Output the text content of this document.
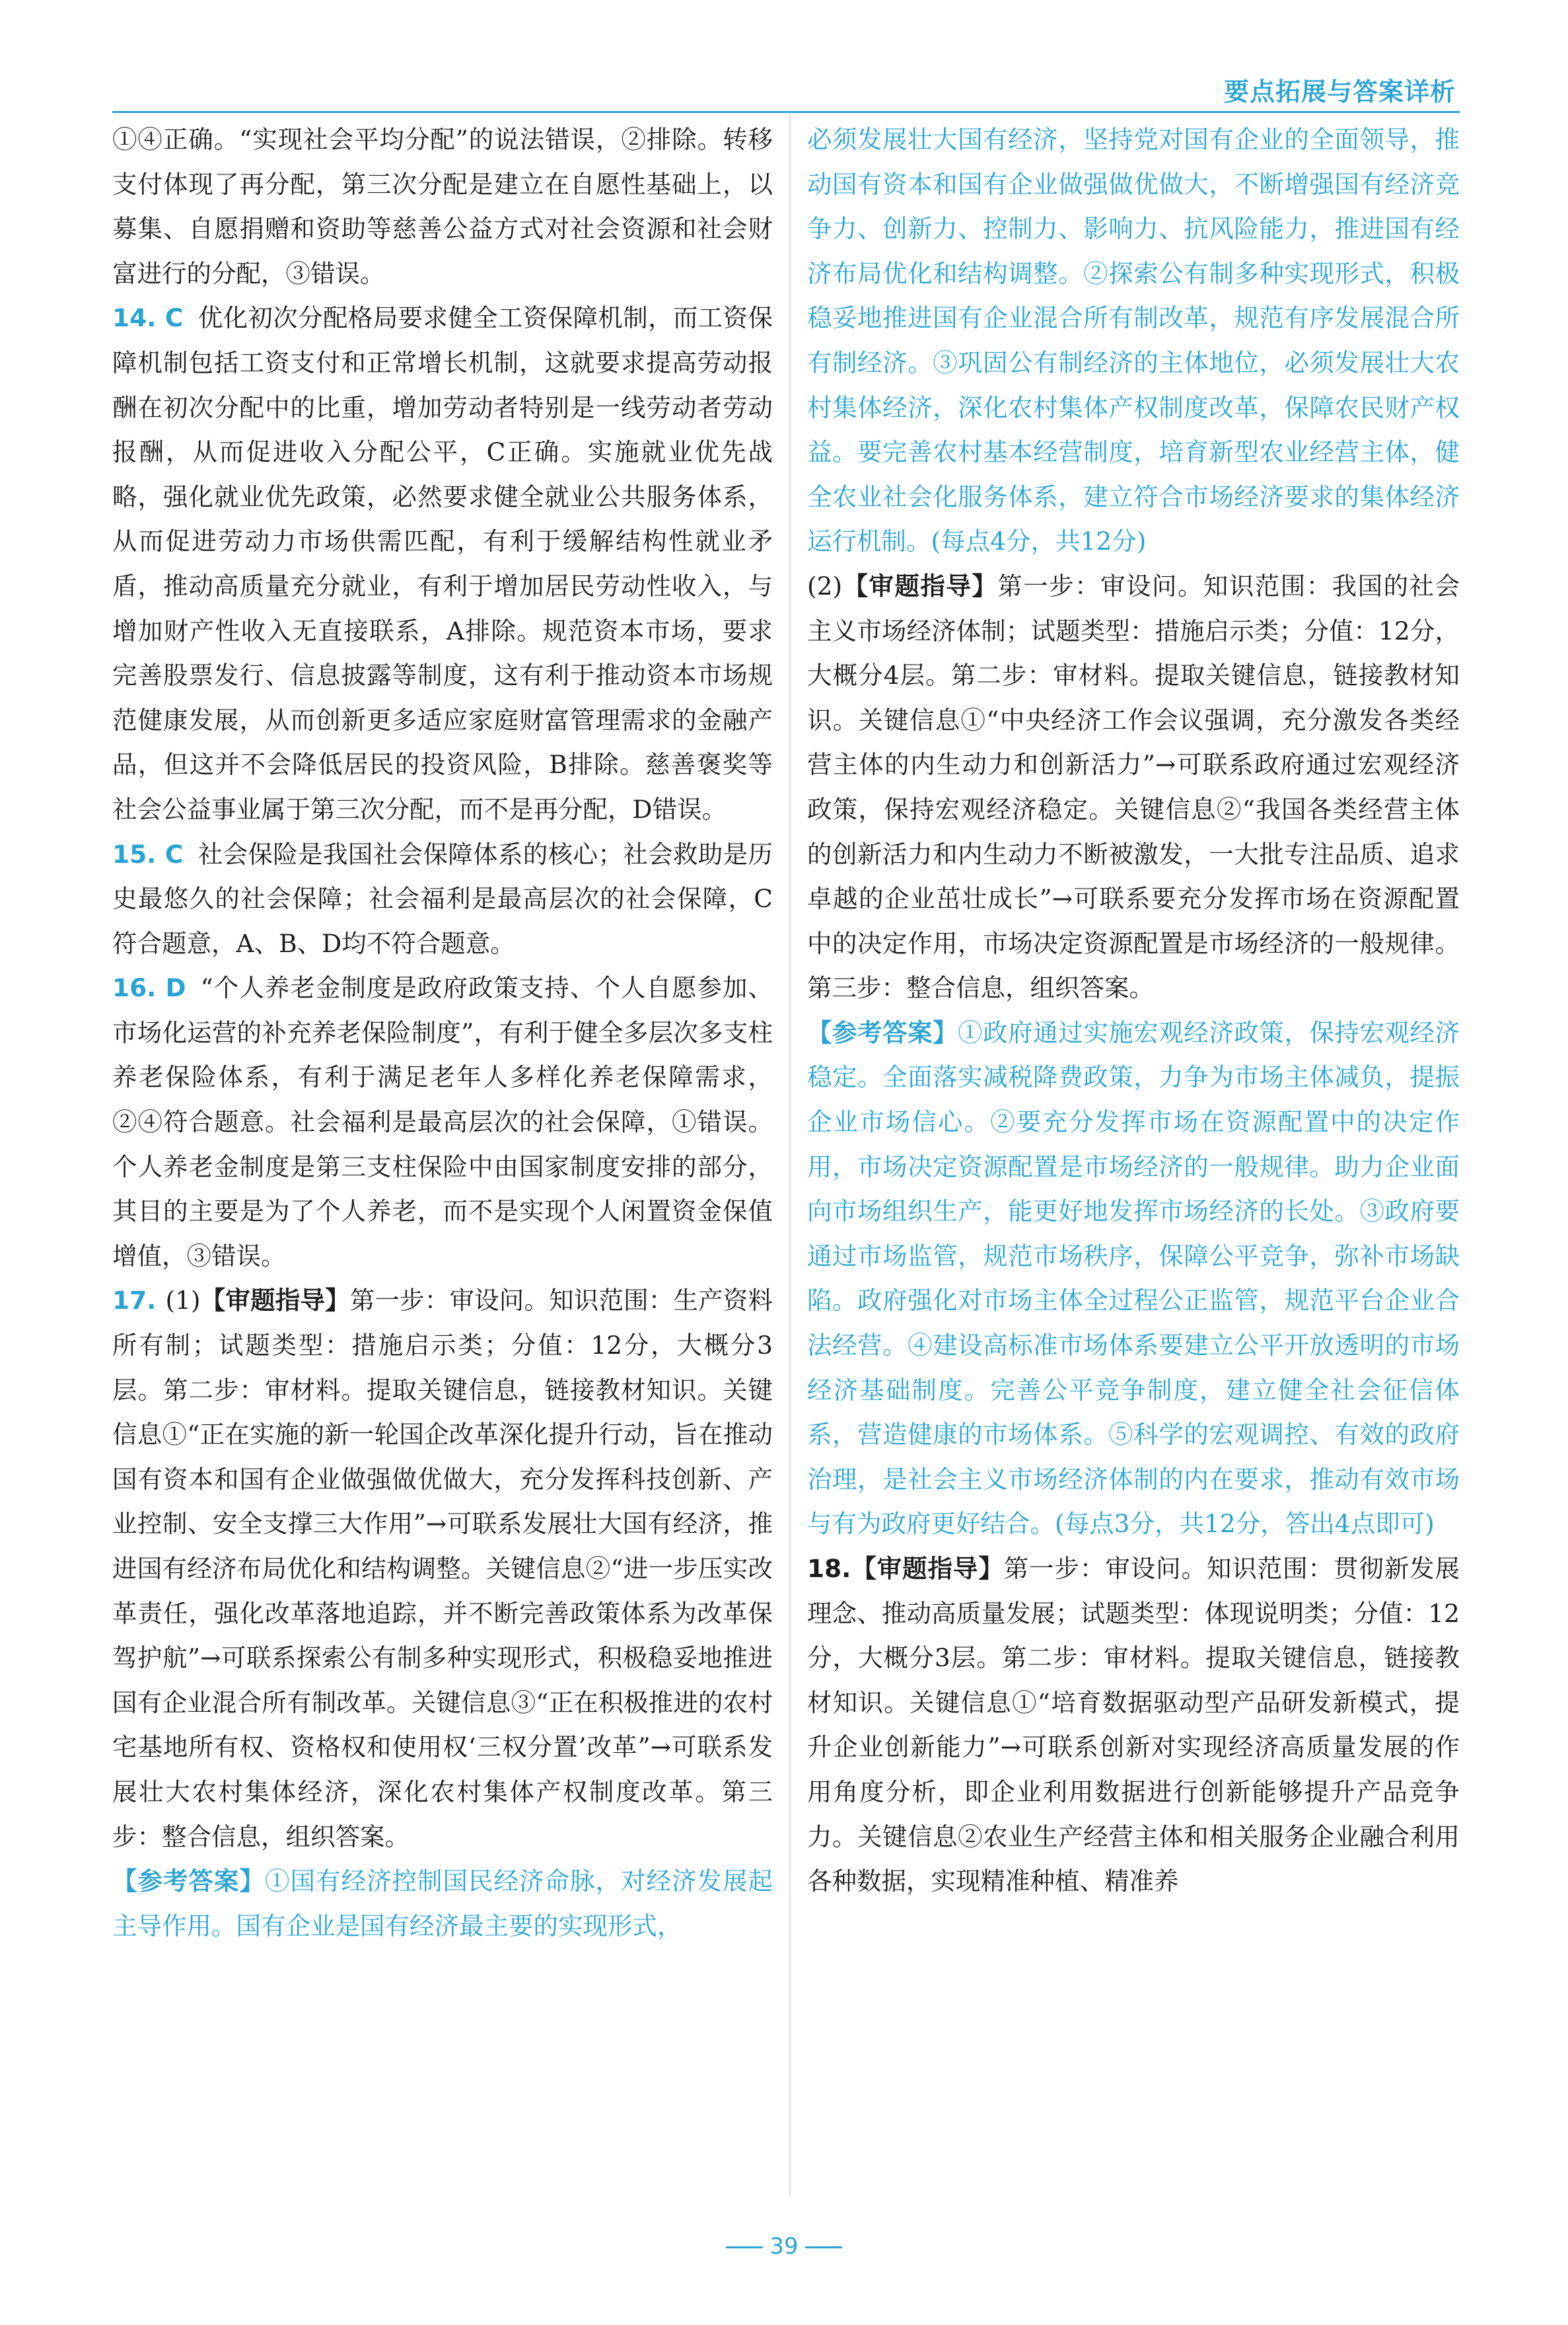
要点拓展与答案详析

①④正确。“实现社会平均分配”的说法错误，②排除。转移支付体现了再分配，第三次分配是建立在自愿性基础上，以募集、自愿捐赠和资助等慈善公益方式对社会资源和社会财富进行的分配，③错误。

14. C 优化初次分配格局要求健全工资保障机制，而工资保障机制包括工资支付和正常增长机制，这就要求提高劳动报酬在初次分配中的比重，增加劳动者特别是一线劳动者劳动报酬，从而促进收入分配公平，C正确。实施就业优先战略，强化就业优先政策，必然要求健全就业公共服务体系，从而促进劳动力市场供需匹配，有利于缓解结构性就业矛盾，推动高质量充分就业，有利于增加居民劳动性收入，与增加财产性收入无直接联系，A排除。规范资本市场，要求完善股票发行、信息披露等制度，这有利于推动资本市场规范健康发展，从而创新更多适应家庭财富管理需求的金融产品，但这并不会降低居民的投资风险，B排除。慈善褒奖等社会公益事业属于第三次分配，而不是再分配，D错误。

15. C 社会保险是我国社会保障体系的核心；社会救助是历史最悠久的社会保障；社会福利是最高层次的社会保障，C符合题意，A、B、D均不符合题意。

16. D “个人养老金制度是政府政策支持、个人自愿参加、市场化运营的补充养老保险制度”，有利于健全多层次多支柱养老保险体系，有利于满足老年人多样化养老保障需求，②④符合题意。社会福利是最高层次的社会保障，①错误。个人养老金制度是第三支柱保险中由国家制度安排的部分，其目的主要是为了个人养老，而不是实现个人闲置资金保值增值，③错误。

17. (1)【审题指导】第一步：审设问。知识范围：生产资料所有制；试题类型：措施启示类；分值：12分，大概分3层。第二步：审材料。提取关键信息，链接教材知识。关键信息①“正在实施的新一轮国企改革深化提升行动，旨在推动国有资本和国有企业做强做优做大，充分发挥科技创新、产业控制、安全支撑三大作用”→可联系发展壮大国有经济，推进国有经济布局优化和结构调整。关键信息②“进一步压实改革责任，强化改革落地追踪，并不断完善政策体系为改革保驾护航”→可联系探索公有制多种实现形式，积极稳妥地推进国有企业混合所有制改革。关键信息③“正在积极推进的农村宅基地所有权、资格权和使用权‘三权分置’改革”→可联系发展壮大农村集体经济，深化农村集体产权制度改革。第三步：整合信息，组织答案。

【参考答案】①国有经济控制国民经济命脉，对经济发展起主导作用。国有企业是国有经济最主要的实现形式，

必须发展壮大国有经济，坚持党对国有企业的全面领导，推动国有资本和国有企业做强做优做大，不断增强国有经济竞争力、创新力、控制力、影响力、抗风险能力，推进国有经济布局优化和结构调整。②探索公有制多种实现形式，积极稳妥地推进国有企业混合所有制改革，规范有序发展混合所有制经济。③巩固公有制经济的主体地位，必须发展壮大农村集体经济，深化农村集体产权制度改革，保障农民财产权益。要完善农村基本经营制度，培育新型农业经营主体，健全农业社会化服务体系，建立符合市场经济要求的集体经济运行机制。(每点4分，共12分)

(2)【审题指导】第一步：审设问。知识范围：我国的社会主义市场经济体制；试题类型：措施启示类；分值：12分，大概分4层。第二步：审材料。提取关键信息，链接教材知识。关键信息①“中央经济工作会议强调，充分激发各类经营主体的内生动力和创新活力”→可联系政府通过宏观经济政策，保持宏观经济稳定。关键信息②“我国各类经营主体的创新活力和内生动力不断被激发，一大批专注品质、追求卓越的企业茁壮成长”→可联系要充分发挥市场在资源配置中的决定作用，市场决定资源配置是市场经济的一般规律。第三步：整合信息，组织答案。

【参考答案】①政府通过实施宏观经济政策，保持宏观经济稳定。全面落实减税降费政策，力争为市场主体减负，提振企业市场信心。②要充分发挥市场在资源配置中的决定作用，市场决定资源配置是市场经济的一般规律。助力企业面向市场组织生产，能更好地发挥市场经济的长处。③政府要通过市场监管，规范市场秩序，保障公平竞争，弥补市场缺陷。政府强化对市场主体全过程公正监管，规范平台企业合法经营。④建设高标准市场体系要建立公平开放透明的市场经济基础制度。完善公平竞争制度，建立健全社会征信体系，营造健康的市场体系。⑤科学的宏观调控、有效的政府治理，是社会主义市场经济体制的内在要求，推动有效市场与有为政府更好结合。(每点3分，共12分，答出4点即可)

18.【审题指导】第一步：审设问。知识范围：贯彻新发展理念、推动高质量发展；试题类型：体现说明类；分值：12分，大概分3层。第二步：审材料。提取关键信息，链接教材知识。关键信息①“培育数据驱动型产品研发新模式，提升企业创新能力”→可联系创新对实现经济高质量发展的作用角度分析，即企业利用数据进行创新能够提升产品竞争力。关键信息②农业生产经营主体和相关服务企业融合利用各种数据，实现精准种植、精准养

39
